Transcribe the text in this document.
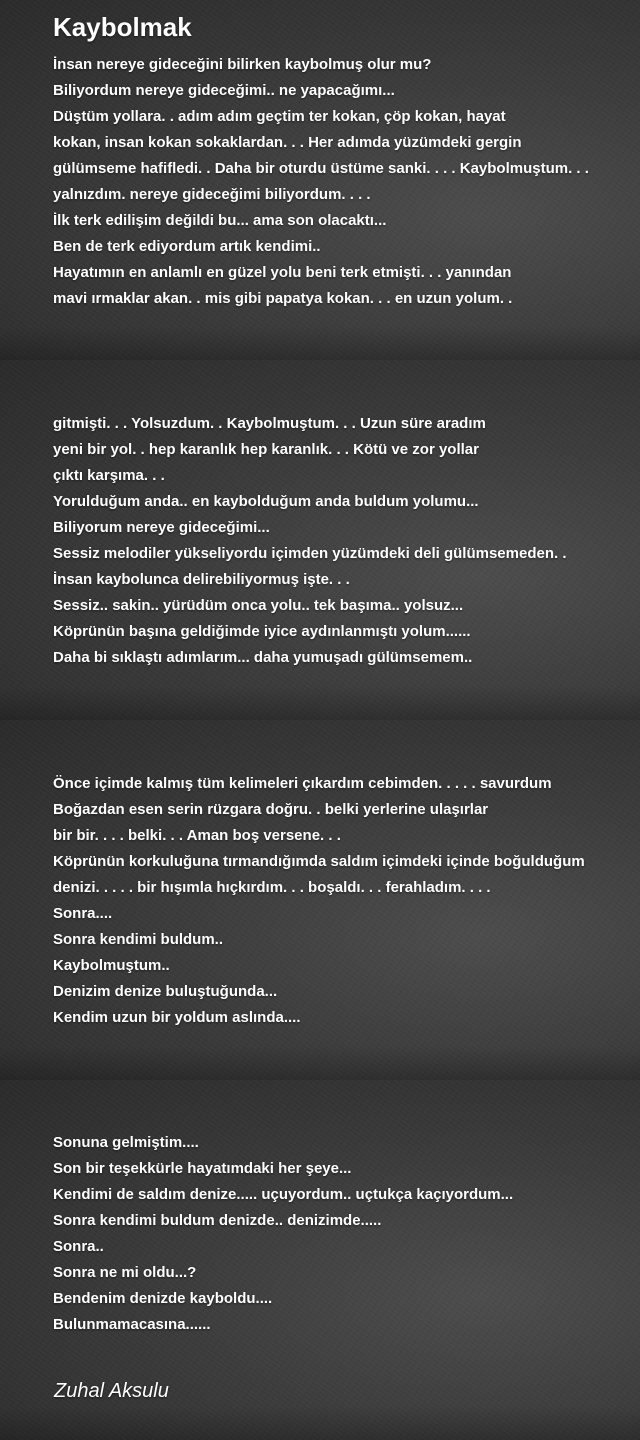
Kaybolmak
İnsan nereye gideceğini bilirken kaybolmuş olur mu?
Biliyordum nereye gideceğimi.. ne yapacağımı...
Düştüm yollara. . adım adım geçtim ter kokan, çöp kokan, hayat
kokan, insan kokan sokaklardan. . . Her adımda yüzümdeki gergin
gülümseme hafifledi. . Daha bir oturdu üstüme sanki. . . . Kaybolmuştum. . .
yalnızdım. nereye gideceğimi biliyordum. . . .
İlk terk edilişim değildi bu... ama son olacaktı...
Ben de terk ediyordum artık kendimi..
Hayatımın en anlamlı en güzel yolu beni terk etmişti. . . yanından
mavi ırmaklar akan. . mis gibi papatya kokan. . . en uzun yolum. .
gitmişti. . . Yolsuzdum. . Kaybolmuştum. . . Uzun süre aradım
yeni bir yol. . hep karanlık hep karanlık. . . Kötü ve zor yollar
çıktı karşıma. . .
Yorulduğum anda.. en kaybolduğum anda buldum yolumu...
Biliyorum nereye gideceğimi...
Sessiz melodiler yükseliyordu içimden yüzümdeki deli gülümsemeden. .
İnsan kaybolunca delirebiliyormuş işte. . .
Sessiz.. sakin.. yürüdüm onca yolu.. tek başıma.. yolsuz...
Köprünün başına geldiğimde iyice aydınlanmıştı yolum......
Daha bi sıklaştı adımlarım... daha yumuşadı gülümsemem..
Önce içimde kalmış tüm kelimeleri çıkardım cebimden. . . . . savurdum
Boğazdan esen serin rüzgara doğru. . belki yerlerine ulaşırlar
bir bir. . . . belki. . . Aman boş versene. . .
Köprünün korkuluğuna tırmandığımda saldım içimdeki içinde boğulduğum
denizi. . . . . bir hışımla hıçkırdım. . . boşaldı. . . ferahladım. . . .
Sonra....
Sonra kendimi buldum..
Kaybolmuştum..
Denizim denize buluştuğunda...
Kendim uzun bir yoldum aslında....
Sonuna gelmiştim....
Son bir teşekkürle hayatımdaki her şeye...
Kendimi de saldım denize..... uçuyordum.. uçtukça kaçıyordum...
Sonra kendimi buldum denizde.. denizimde.....
Sonra..
Sonra ne mi oldu...?
Bendenim denizde kayboldu....
Bulunmamacasına......

Zuhal Aksulu
